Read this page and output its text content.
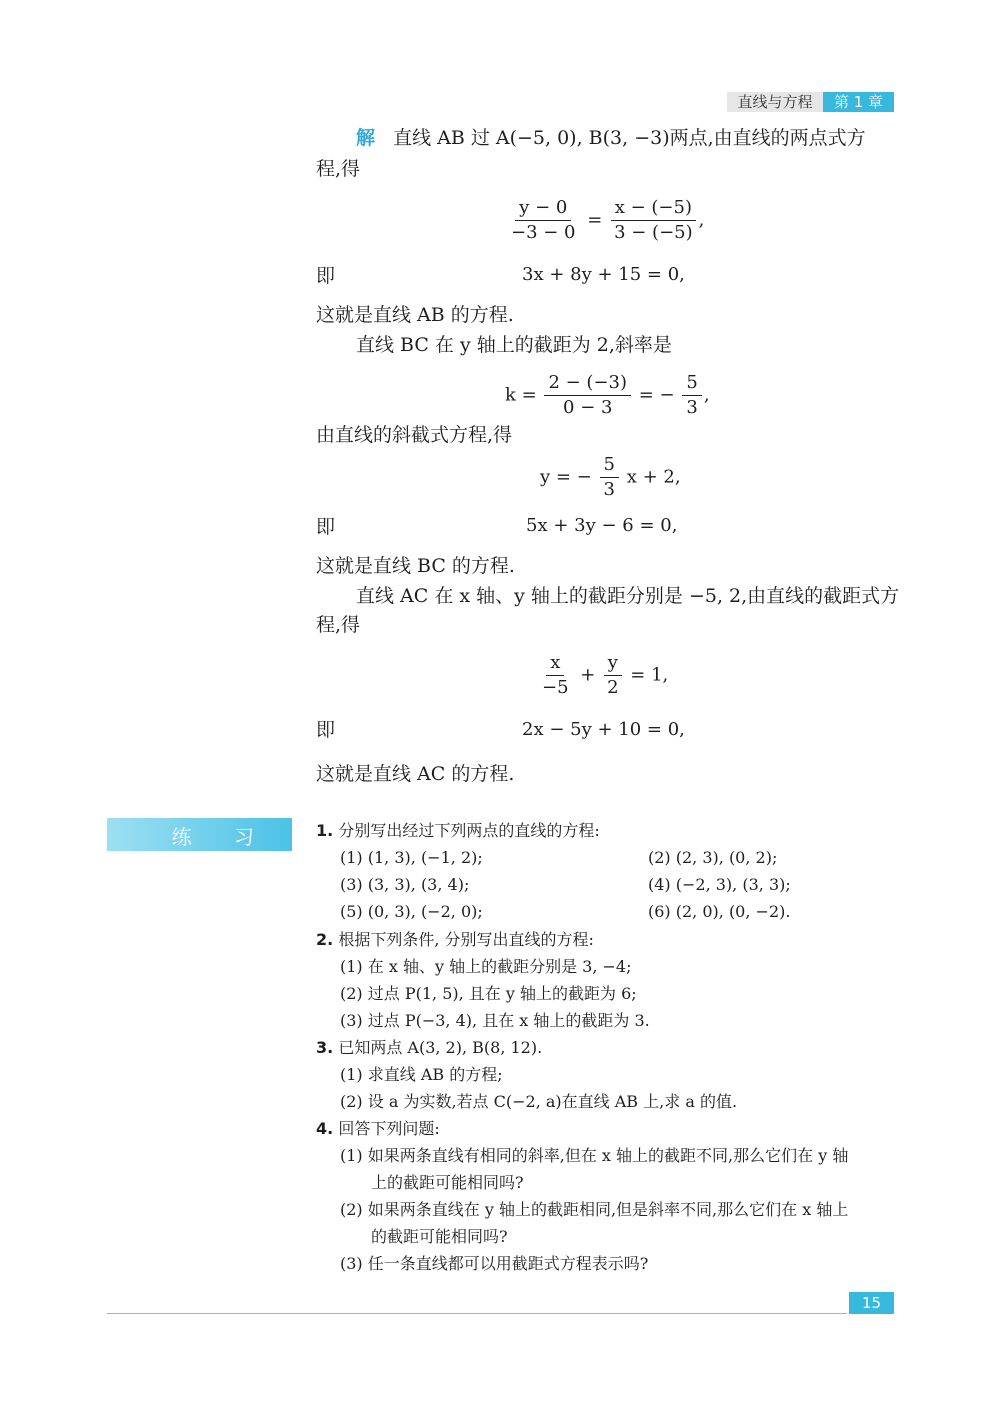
直线与方程	第 1 章
解 直线 AB 过 A(−5, 0), B(3, −3)两点,由直线的两点式方
程,得
$\frac{y - 0}{-3 - 0} = \frac{x - (-5)}{3 - (-5)}$ ,
即	3x + 8y + 15 = 0,
这就是直线 AB 的方程.
直线 BC 在 y 轴上的截距为 2,斜率是
$k = \frac{2 - (-3)}{0 - 3}$ = − $\frac{5}{3}$ ,
由直线的斜截式方程,得
y = − $\frac{5}{3}$ x + 2,
即	5x + 3y − 6 = 0,
这就是直线 BC 的方程.
直线 AC 在 x 轴、y 轴上的截距分别是 −5, 2,由直线的截距式方
程,得
$\frac{x}{-5} + \frac{y}{2} = 1$,
即	2x − 5y + 10 = 0,
这就是直线 AC 的方程.
练 习	1. 分别写出经过下列两点的直线的方程:
(1) (1, 3), (−1, 2);	(2) (2, 3), (0, 2);
(3) (3, 3), (3, 4);	(4) (−2, 3), (3, 3);
(5) (0, 3), (−2, 0);	(6) (2, 0), (0, −2).
2. 根据下列条件, 分别写出直线的方程:
(1) 在 x 轴、y 轴上的截距分别是 3, −4;
(2) 过点 P(1, 5), 且在 y 轴上的截距为 6;
(3) 过点 P(−3, 4), 且在 x 轴上的截距为 3.
3. 已知两点 A(3, 2), B(8, 12).
(1) 求直线 AB 的方程;
(2) 设 a 为实数,若点 C(−2, a)在直线 AB 上,求 a 的值.
4. 回答下列问题:
(1) 如果两条直线有相同的斜率,但在 x 轴上的截距不同,那么它们在 y 轴
上的截距可能相同吗?
(2) 如果两条直线在 y 轴上的截距相同,但是斜率不同,那么它们在 x 轴上
的截距可能相同吗?
(3) 任一条直线都可以用截距式方程表示吗?
15
